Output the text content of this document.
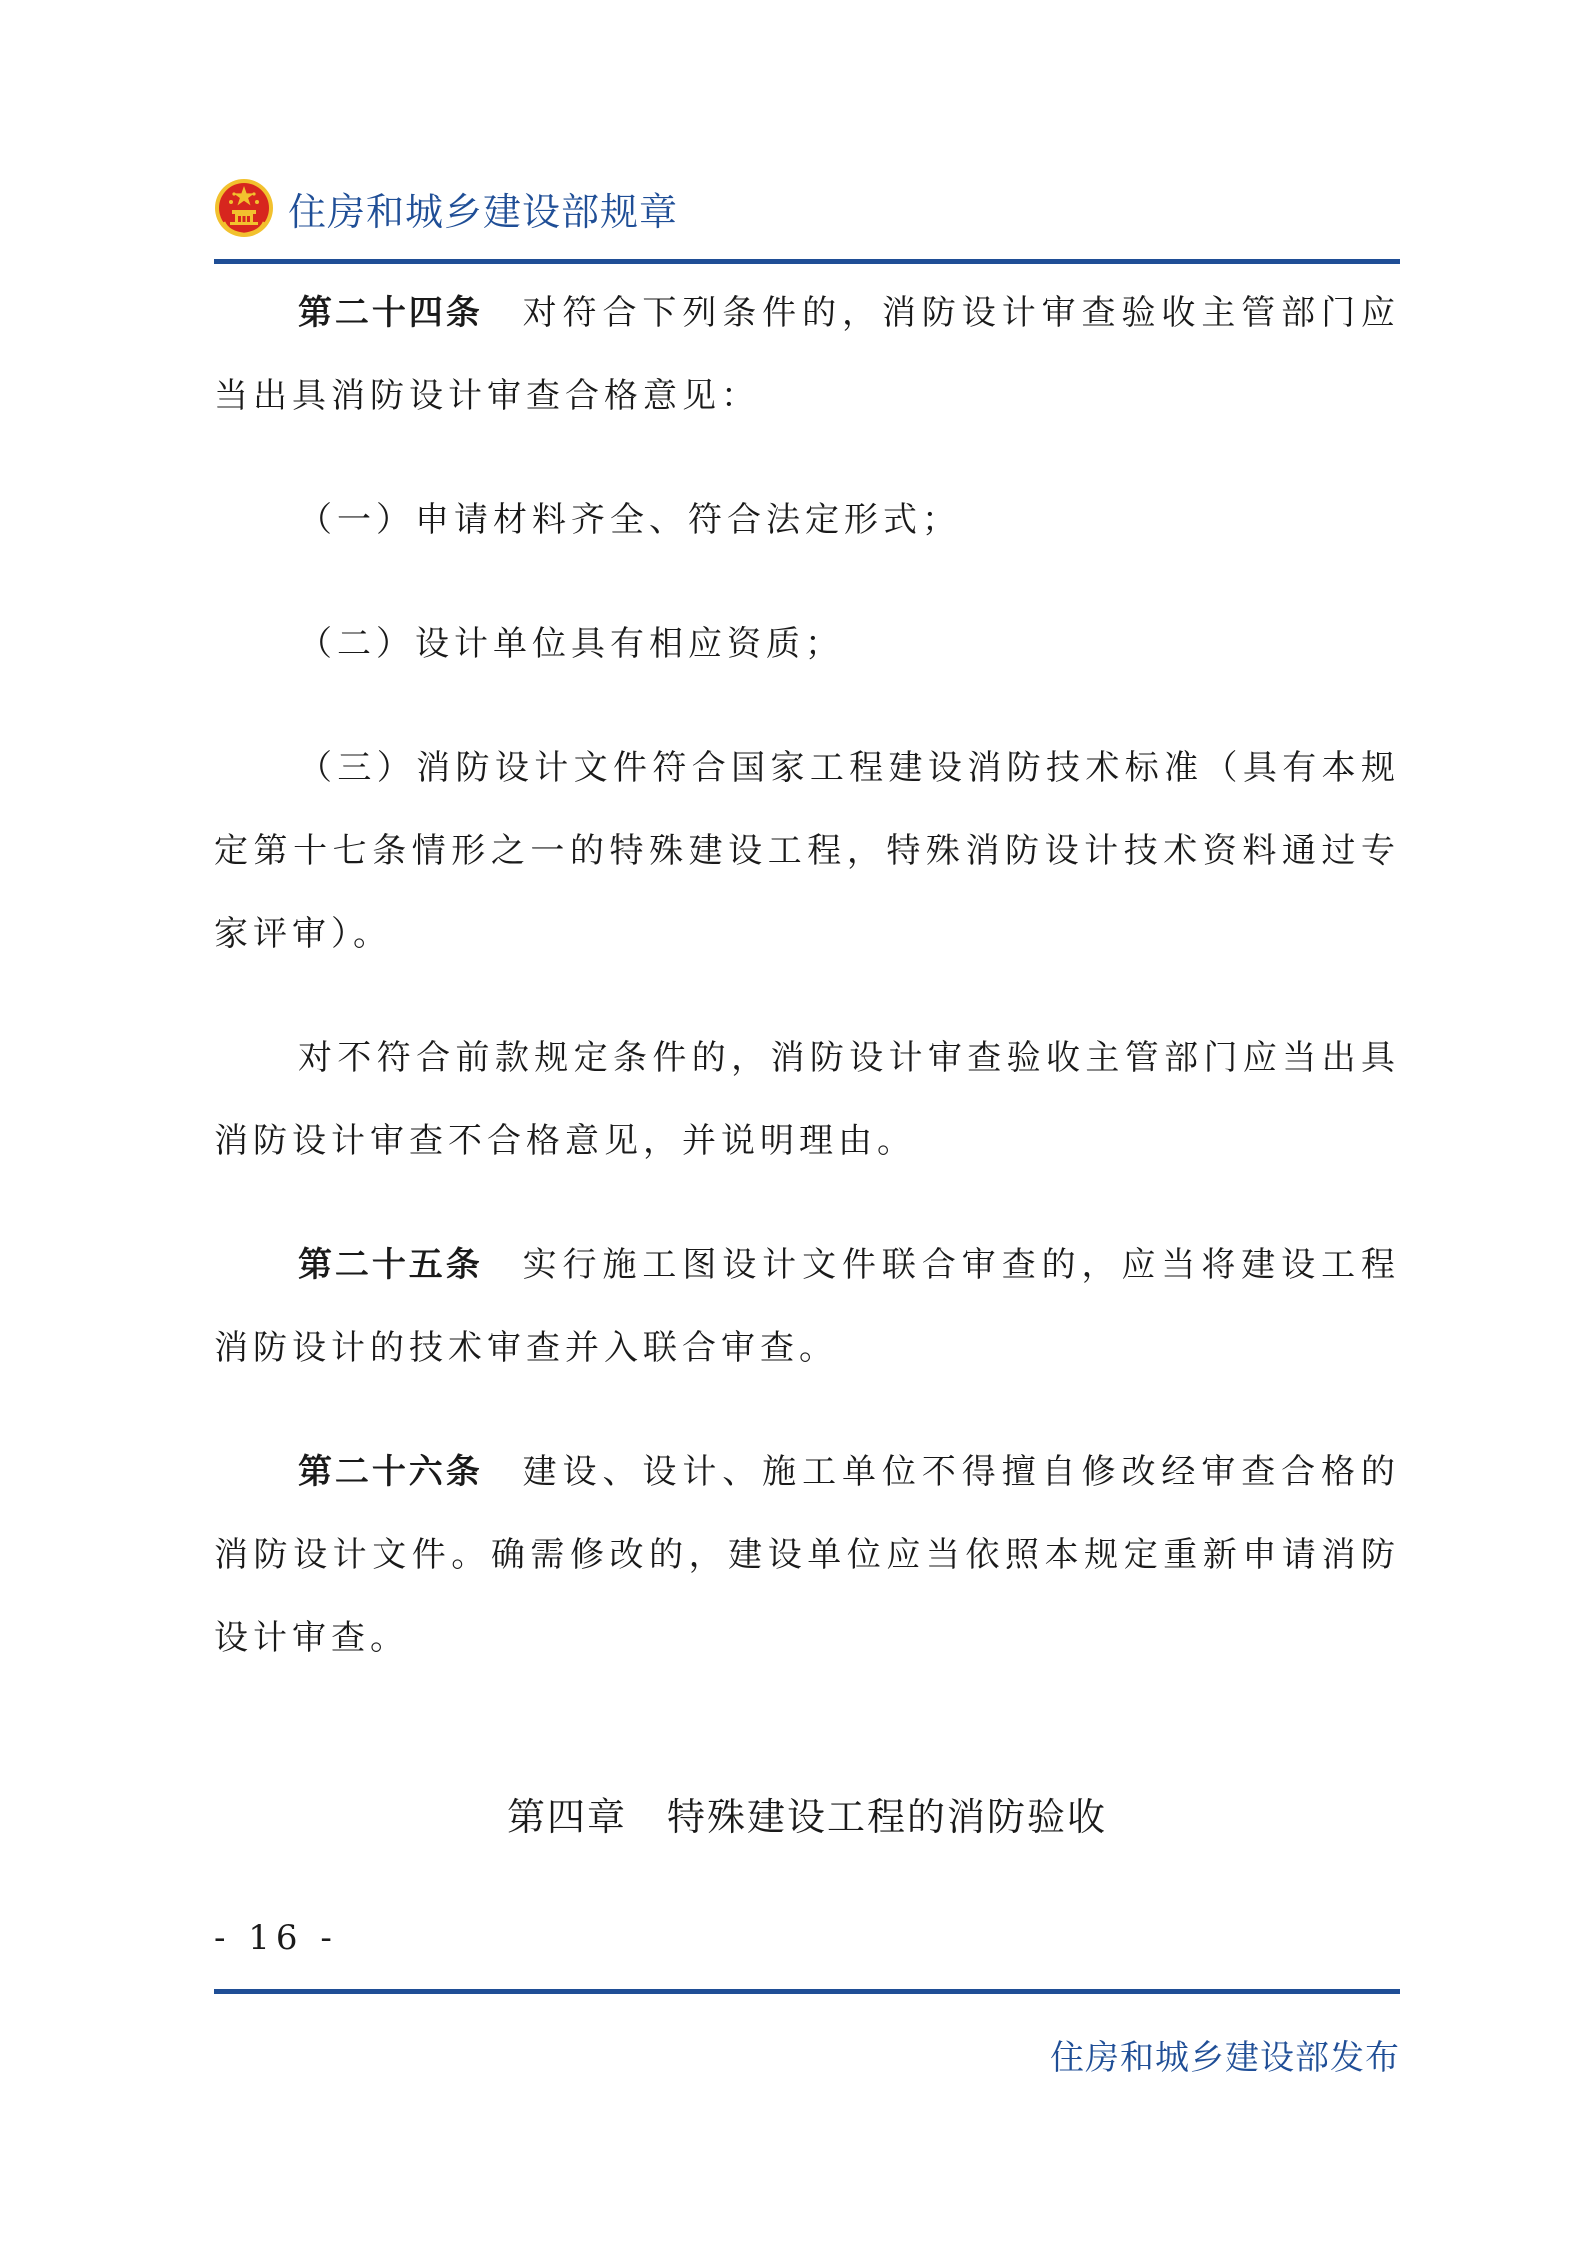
住房和城乡建设部规章

第二十四条 对符合下列条件的，消防设计审查验收主管部门应当出具消防设计审查合格意见：

（一）申请材料齐全、符合法定形式；

（二）设计单位具有相应资质；

（三）消防设计文件符合国家工程建设消防技术标准（具有本规定第十七条情形之一的特殊建设工程，特殊消防设计技术资料通过专家评审）。

对不符合前款规定条件的，消防设计审查验收主管部门应当出具消防设计审查不合格意见，并说明理由。

第二十五条 实行施工图设计文件联合审查的，应当将建设工程消防设计的技术审查并入联合审查。

第二十六条 建设、设计、施工单位不得擅自修改经审查合格的消防设计文件。确需修改的，建设单位应当依照本规定重新申请消防设计审查。

第四章 特殊建设工程的消防验收
- 16 -
住房和城乡建设部发布
